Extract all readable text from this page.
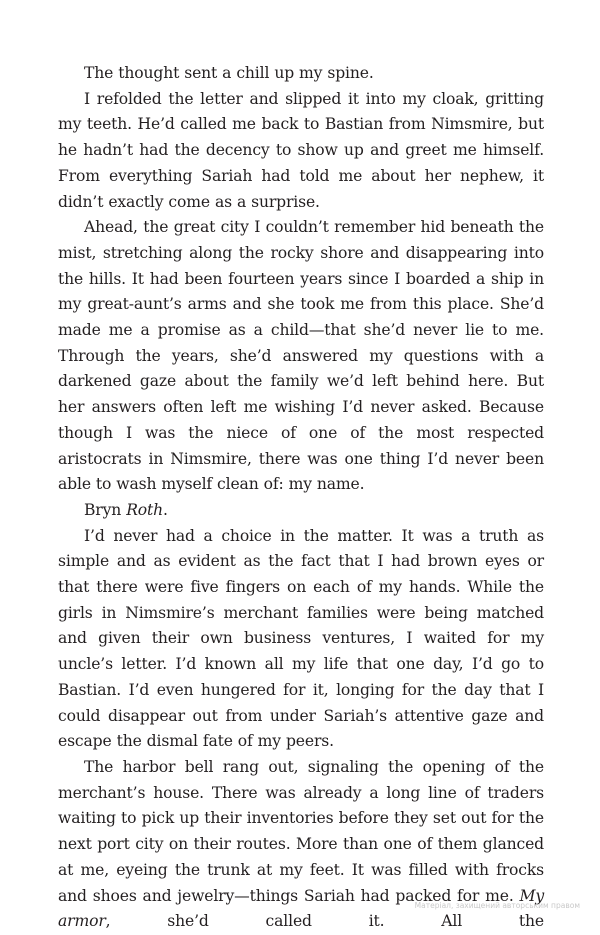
The thought sent a chill up my spine.

I refolded the letter and slipped it into my cloak, gritting my teeth. He’d called me back to Bastian from Nimsmire, but he hadn’t had the decency to show up and greet me himself. From everything Sariah had told me about her nephew, it didn’t exactly come as a surprise.

Ahead, the great city I couldn’t remember hid beneath the mist, stretching along the rocky shore and disappearing into the hills. It had been fourteen years since I boarded a ship in my great-aunt’s arms and she took me from this place. She’d made me a promise as a child—that she’d never lie to me. Through the years, she’d answered my questions with a darkened gaze about the family we’d left behind here. But her answers often left me wishing I’d never asked. Because though I was the niece of one of the most respected aristocrats in Nimsmire, there was one thing I’d never been able to wash myself clean of: my name.

Bryn Roth.

I’d never had a choice in the matter. It was a truth as simple and as evident as the fact that I had brown eyes or that there were five fingers on each of my hands. While the girls in Nimsmire’s merchant families were being matched and given their own business ventures, I waited for my uncle’s letter. I’d known all my life that one day, I’d go to Bastian. I’d even hungered for it, longing for the day that I could disappear out from under Sariah’s attentive gaze and escape the dismal fate of my peers.

The harbor bell rang out, signaling the opening of the merchant’s house. There was already a long line of traders waiting to pick up their inventories before they set out for the next port city on their routes. More than one of them glanced at me, eyeing the trunk at my feet. It was filled with frocks and shoes and jewelry—things Sariah had packed for me. My armor, she’d called it. All the

Матеріал, захищений авторським правом
